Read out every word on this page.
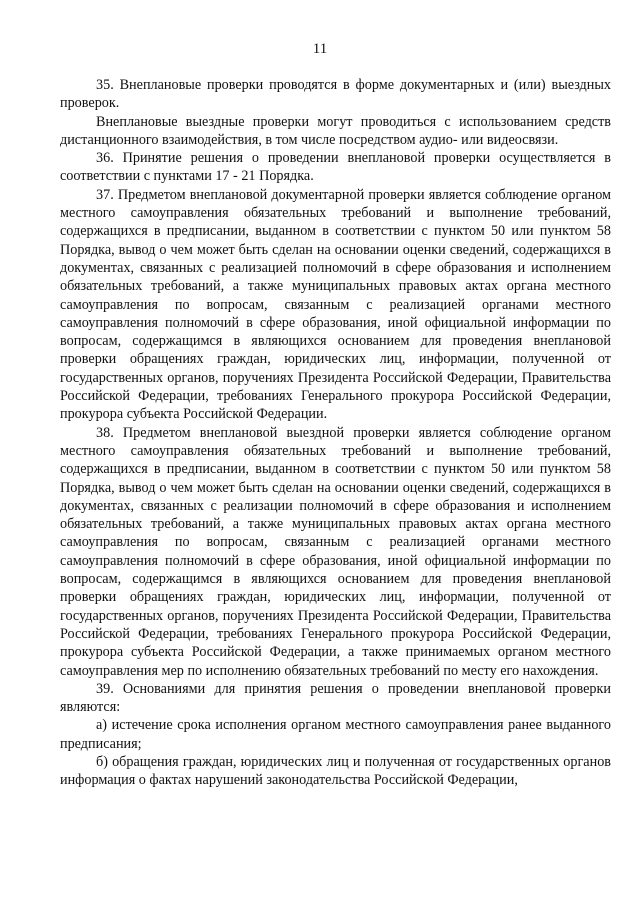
11

35. Внеплановые проверки проводятся в форме документарных и (или) выездных проверок.

Внеплановые выездные проверки могут проводиться с использованием средств дистанционного взаимодействия, в том числе посредством аудио- или видеосвязи.

36. Принятие решения о проведении внеплановой проверки осуществляется в соответствии с пунктами 17 - 21 Порядка.

37. Предметом внеплановой документарной проверки является соблюдение органом местного самоуправления обязательных требований и выполнение требований, содержащихся в предписании, выданном в соответствии с пунктом 50 или пунктом 58 Порядка, вывод о чем может быть сделан на основании оценки сведений, содержащихся в документах, связанных с реализацией полномочий в сфере образования и исполнением обязательных требований, а также муниципальных правовых актах органа местного самоуправления по вопросам, связанным с реализацией органами местного самоуправления полномочий в сфере образования, иной официальной информации по вопросам, содержащимся в являющихся основанием для проведения внеплановой проверки обращениях граждан, юридических лиц, информации, полученной от государственных органов, поручениях Президента Российской Федерации, Правительства Российской Федерации, требованиях Генерального прокурора Российской Федерации, прокурора субъекта Российской Федерации.

38. Предметом внеплановой выездной проверки является соблюдение органом местного самоуправления обязательных требований и выполнение требований, содержащихся в предписании, выданном в соответствии с пунктом 50 или пунктом 58 Порядка, вывод о чем может быть сделан на основании оценки сведений, содержащихся в документах, связанных с реализации полномочий в сфере образования и исполнением обязательных требований, а также муниципальных правовых актах органа местного самоуправления по вопросам, связанным с реализацией органами местного самоуправления полномочий в сфере образования, иной официальной информации по вопросам, содержащимся в являющихся основанием для проведения внеплановой проверки обращениях граждан, юридических лиц, информации, полученной от государственных органов, поручениях Президента Российской Федерации, Правительства Российской Федерации, требованиях Генерального прокурора Российской Федерации, прокурора субъекта Российской Федерации, а также принимаемых органом местного самоуправления мер по исполнению обязательных требований по месту его нахождения.

39. Основаниями для принятия решения о проведении внеплановой проверки являются:

а) истечение срока исполнения органом местного самоуправления ранее выданного предписания;

б) обращения граждан, юридических лиц и полученная от государственных органов информация о фактах нарушений законодательства Российской Федерации,
